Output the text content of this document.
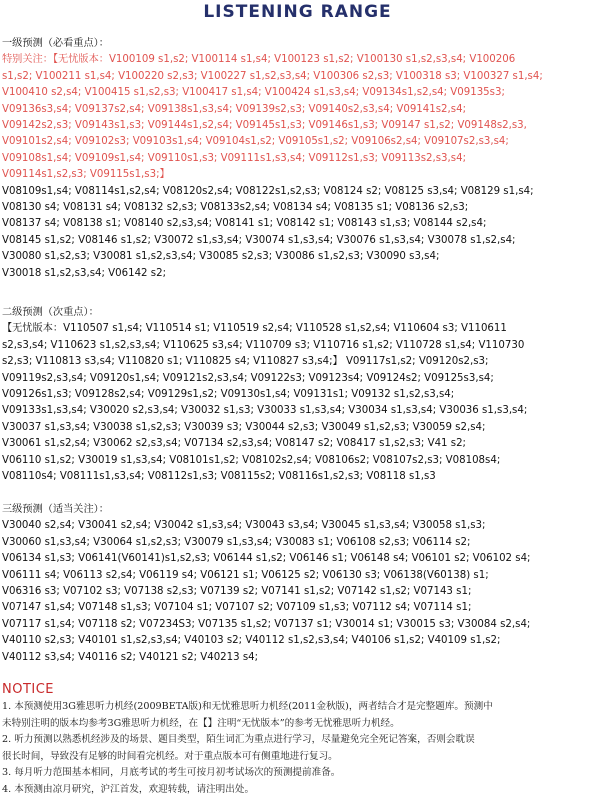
LISTENING RANGE
一级预测（必看重点）：
特别关注：【无忧版本：V100109 s1,s2; V100114 s1,s4; V100123 s1,s2; V100130 s1,s2,s3,s4; V100206
s1,s2; V100211 s1,s4; V100220 s2,s3; V100227 s1,s2,s3,s4; V100306 s2,s3; V100318 s3; V100327 s1,s4;
V100410 s2,s4; V100415 s1,s2,s3; V100417 s1,s4; V100424 s1,s3,s4; V09134s1,s2,s4; V09135s3;
V09136s3,s4; V09137s2,s4; V09138s1,s3,s4; V09139s2,s3; V09140s2,s3,s4; V09141s2,s4;
V09142s2,s3; V09143s1,s3; V09144s1,s2,s4; V09145s1,s3; V09146s1,s3; V09147 s1,s2; V09148s2,s3,
V09101s2,s4; V09102s3; V09103s1,s4; V09104s1,s2; V09105s1,s2; V09106s2,s4; V09107s2,s3,s4;
V09108s1,s4; V09109s1,s4; V09110s1,s3; V09111s1,s3,s4; V09112s1,s3; V09113s2,s3,s4;
V09114s1,s2,s3; V09115s1,s3;】
V08109s1,s4; V08114s1,s2,s4; V08120s2,s4; V08122s1,s2,s3; V08124 s2; V08125 s3,s4; V08129 s1,s4;
V08130 s4; V08131 s4; V08132 s2,s3; V08133s2,s4; V08134 s4; V08135 s1; V08136 s2,s3;
V08137 s4; V08138 s1; V08140 s2,s3,s4; V08141 s1; V08142 s1; V08143 s1,s3; V08144 s2,s4;
V08145 s1,s2; V08146 s1,s2; V30072 s1,s3,s4; V30074 s1,s3,s4; V30076 s1,s3,s4; V30078 s1,s2,s4;
V30080 s1,s2,s3; V30081 s1,s2,s3,s4; V30085 s2,s3; V30086 s1,s2,s3; V30090 s3,s4;
V30018 s1,s2,s3,s4; V06142 s2;
二级预测（次重点）：
【无忧版本：V110507 s1,s4; V110514 s1; V110519 s2,s4; V110528 s1,s2,s4; V110604 s3; V110611
s2,s3,s4; V110623 s1,s2,s3,s4; V110625 s3,s4; V110709 s3; V110716 s1,s2; V110728 s1,s4; V110730
s2,s3; V110813 s3,s4; V110820 s1; V110825 s4; V110827 s3,s4;】 V09117s1,s2; V09120s2,s3;
V09119s2,s3,s4; V09120s1,s4; V09121s2,s3,s4; V09122s3; V09123s4; V09124s2; V09125s3,s4;
V09126s1,s3; V09128s2,s4; V09129s1,s2; V09130s1,s4; V09131s1; V09132 s1,s2,s3,s4;
V09133s1,s3,s4; V30020 s2,s3,s4; V30032 s1,s3; V30033 s1,s3,s4; V30034 s1,s3,s4; V30036 s1,s3,s4;
V30037 s1,s3,s4; V30038 s1,s2,s3; V30039 s3; V30044 s2,s3; V30049 s1,s2,s3; V30059 s2,s4;
V30061 s1,s2,s4; V30062 s2,s3,s4; V07134 s2,s3,s4; V08147 s2; V08417 s1,s2,s3; V41 s2;
V06110 s1,s2; V30019 s1,s3,s4; V08101s1,s2; V08102s2,s4; V08106s2; V08107s2,s3; V08108s4;
V08110s4; V08111s1,s3,s4; V08112s1,s3; V08115s2; V08116s1,s2,s3; V08118 s1,s3
三级预测（适当关注）：
V30040 s2,s4; V30041 s2,s4; V30042 s1,s3,s4; V30043 s3,s4; V30045 s1,s3,s4; V30058 s1,s3;
V30060 s1,s3,s4; V30064 s1,s2,s3; V30079 s1,s3,s4; V30083 s1; V06108 s2,s3; V06114 s2;
V06134 s1,s3; V06141(V60141)s1,s2,s3; V06144 s1,s2; V06146 s1; V06148 s4; V06101 s2; V06102 s4;
V06111 s4; V06113 s2,s4; V06119 s4; V06121 s1; V06125 s2; V06130 s3; V06138(V60138) s1;
V06316 s3; V07102 s3; V07138 s2,s3; V07139 s2; V07141 s1,s2; V07142 s1,s2; V07143 s1;
V07147 s1,s4; V07148 s1,s3; V07104 s1; V07107 s2; V07109 s1,s3; V07112 s4; V07114 s1;
V07117 s1,s4; V07118 s2; V07234S3; V07135 s1,s2; V07137 s1; V30014 s1; V30015 s3; V30084 s2,s4;
V40110 s2,s3; V40101 s1,s2,s3,s4; V40103 s2; V40112 s1,s2,s3,s4; V40106 s1,s2; V40109 s1,s2;
V40112 s3,s4; V40116 s2; V40121 s2; V40213 s4;
NOTICE

1. 本预测使用3G雅思听力机经(2009BETA版)和无忧雅思听力机经(2011金秋版)，两者结合才是完整题库。预测中

未特别注明的版本均参考3G雅思听力机经，在【】注明“无忧版本”的参考无忧雅思听力机经。

2. 听力预测以熟悉机经涉及的场景、题目类型，陌生词汇为重点进行学习，尽量避免完全死记答案，否则会耽误

很长时间，导致没有足够的时间看完机经。对于重点版本可有侧重地进行复习。

3. 每月听力范围基本相同，月底考试的考生可按月初考试场次的预测提前准备。

4. 本预测由凉月研究，沪江首发，欢迎转载，请注明出处。
